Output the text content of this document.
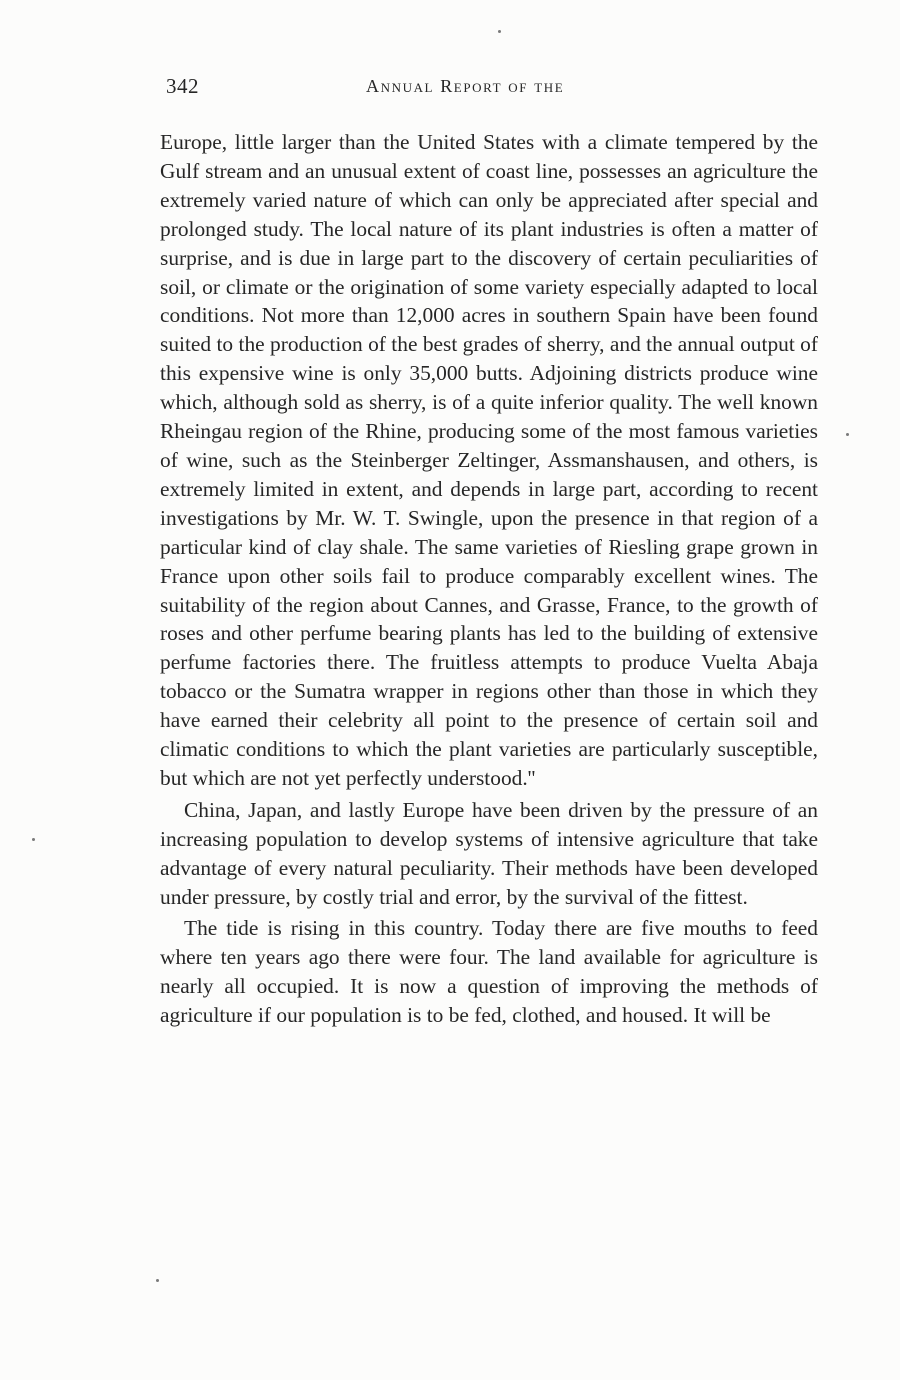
342	Annual Report of the

Europe, little larger than the United States with a climate tempered by the Gulf stream and an unusual extent of coast line, possesses an agriculture the extremely varied nature of which can only be appreciated after special and prolonged study. The local nature of its plant industries is often a matter of surprise, and is due in large part to the discovery of certain peculiarities of soil, or climate or the origination of some variety especially adapted to local conditions. Not more than 12,000 acres in southern Spain have been found suited to the production of the best grades of sherry, and the annual output of this expensive wine is only 35,000 butts. Adjoining districts produce wine which, although sold as sherry, is of a quite inferior quality. The well known Rheingau region of the Rhine, producing some of the most famous varieties of wine, such as the Steinberger Zeltinger, Assmanshausen, and others, is extremely limited in extent, and depends in large part, according to recent investigations by Mr. W. T. Swingle, upon the presence in that region of a particular kind of clay shale. The same varieties of Riesling grape grown in France upon other soils fail to produce comparably excellent wines. The suitability of the region about Cannes, and Grasse, France, to the growth of roses and other perfume bearing plants has led to the building of extensive perfume factories there. The fruitless attempts to produce Vuelta Abaja tobacco or the Sumatra wrapper in regions other than those in which they have earned their celebrity all point to the presence of certain soil and climatic conditions to which the plant varieties are particularly susceptible, but which are not yet perfectly understood.''

China, Japan, and lastly Europe have been driven by the pressure of an increasing population to develop systems of intensive agriculture that take advantage of every natural peculiarity. Their methods have been developed under pressure, by costly trial and error, by the survival of the fittest.

The tide is rising in this country. Today there are five mouths to feed where ten years ago there were four. The land available for agriculture is nearly all occupied. It is now a question of improving the methods of agriculture if our population is to be fed, clothed, and housed. It will be
